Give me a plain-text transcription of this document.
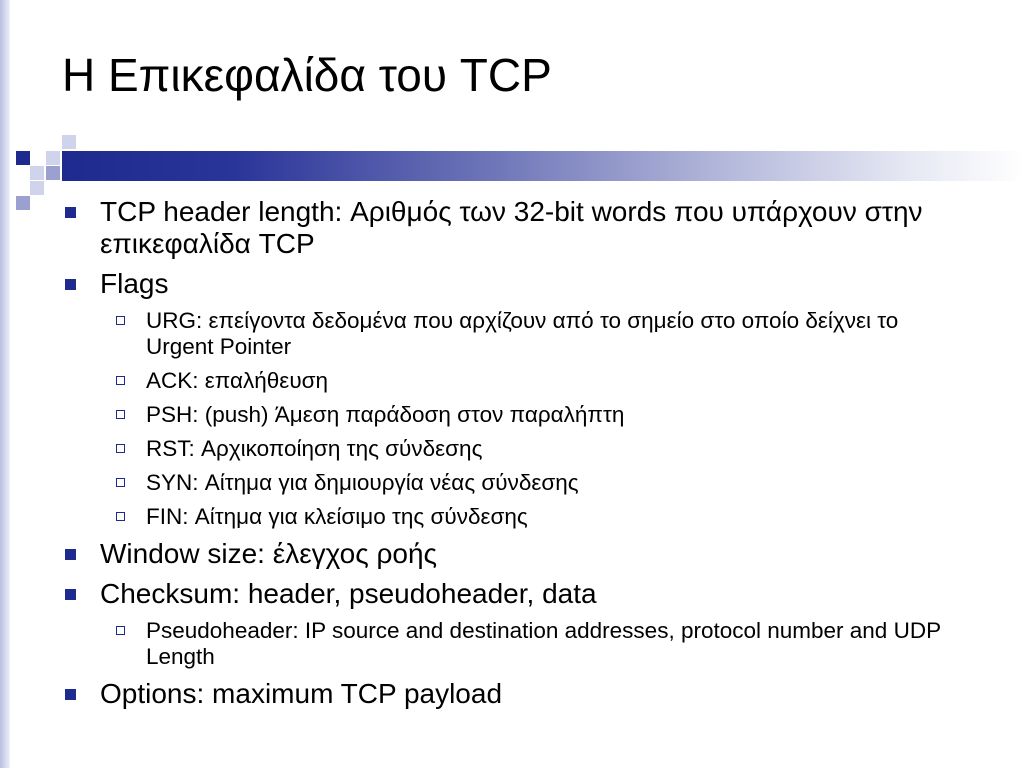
Η Επικεφαλίδα του TCP
TCP header length: Αριθμός των 32-bit words που υπάρχουν στην επικεφαλίδα TCP
Flags
URG: επείγοντα δεδομένα που αρχίζουν από το σημείο στο οποίο δείχνει το Urgent Pointer
ACK: επαλήθευση
PSH: (push) Άμεση παράδοση στον παραλήπτη
RST: Αρχικοποίηση της σύνδεσης
SYN: Αίτημα για δημιουργία νέας σύνδεσης
FIN: Αίτημα για κλείσιμο της σύνδεσης
Window size: έλεγχος ροής
Checksum: header, pseudoheader, data
Pseudoheader: IP source and destination addresses, protocol number and UDP Length
Options: maximum TCP payload
